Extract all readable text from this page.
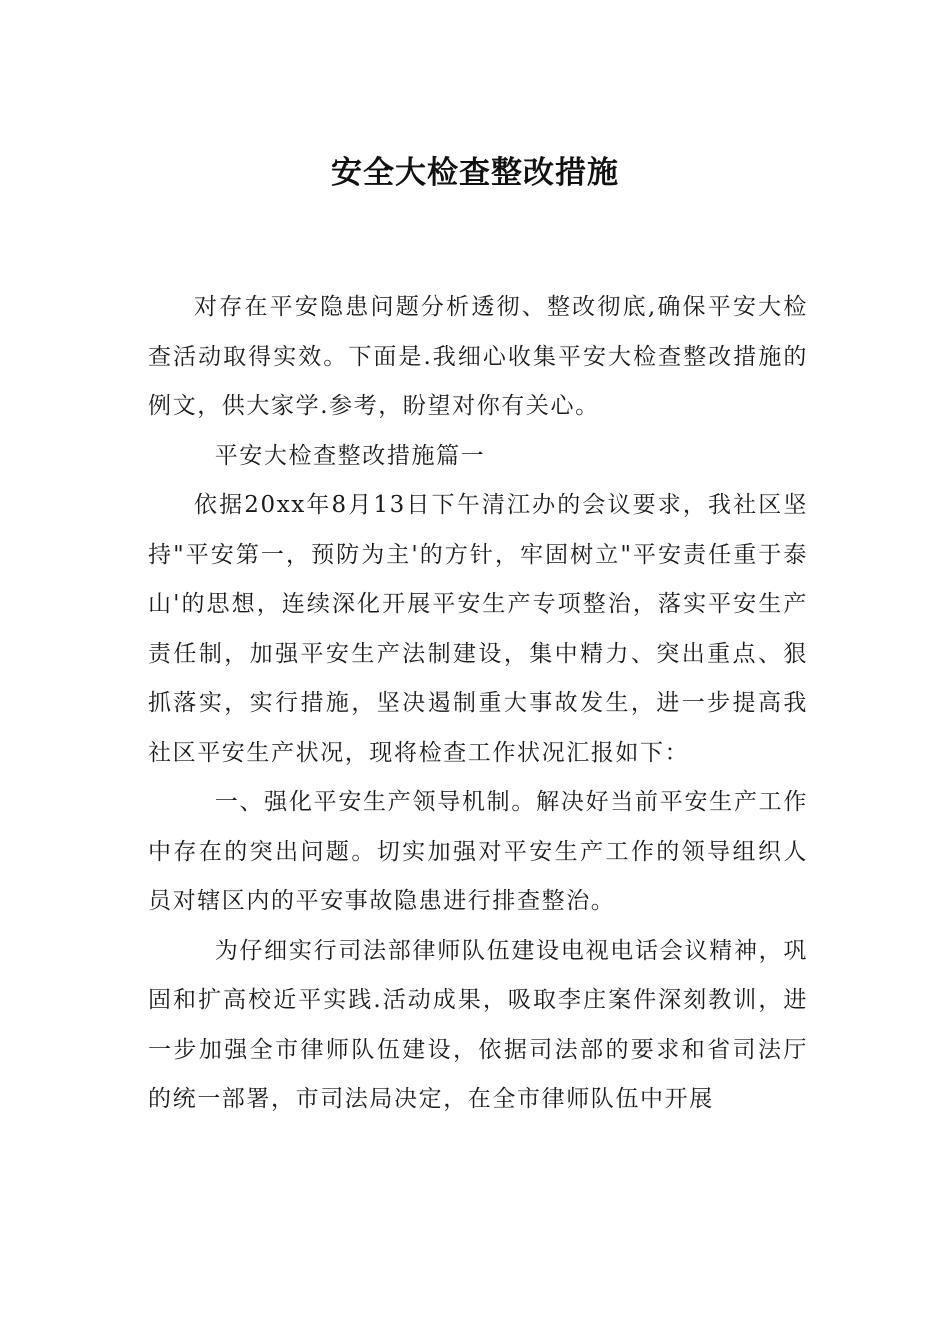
安全大检查整改措施

对存在平安隐患问题分析透彻、整改彻底,确保平安大检查活动取得实效。下面是.我细心收集平安大检查整改措施的例文，供大家学.参考，盼望对你有关心。

平安大检查整改措施篇一

依据20xx年8月13日下午清江办的会议要求，我社区坚持"平安第一，预防为主'的方针，牢固树立"平安责任重于泰山'的思想，连续深化开展平安生产专项整治，落实平安生产责任制，加强平安生产法制建设，集中精力、突出重点、狠抓落实，实行措施，坚决遏制重大事故发生，进一步提高我社区平安生产状况，现将检查工作状况汇报如下：

一、强化平安生产领导机制。解决好当前平安生产工作中存在的突出问题。切实加强对平安生产工作的领导组织人员对辖区内的平安事故隐患进行排查整治。

为仔细实行司法部律师队伍建设电视电话会议精神，巩固和扩高校近平实践.活动成果，吸取李庄案件深刻教训，进一步加强全市律师队伍建设，依据司法部的要求和省司法厅的统一部署，市司法局决定，在全市律师队伍中开展
